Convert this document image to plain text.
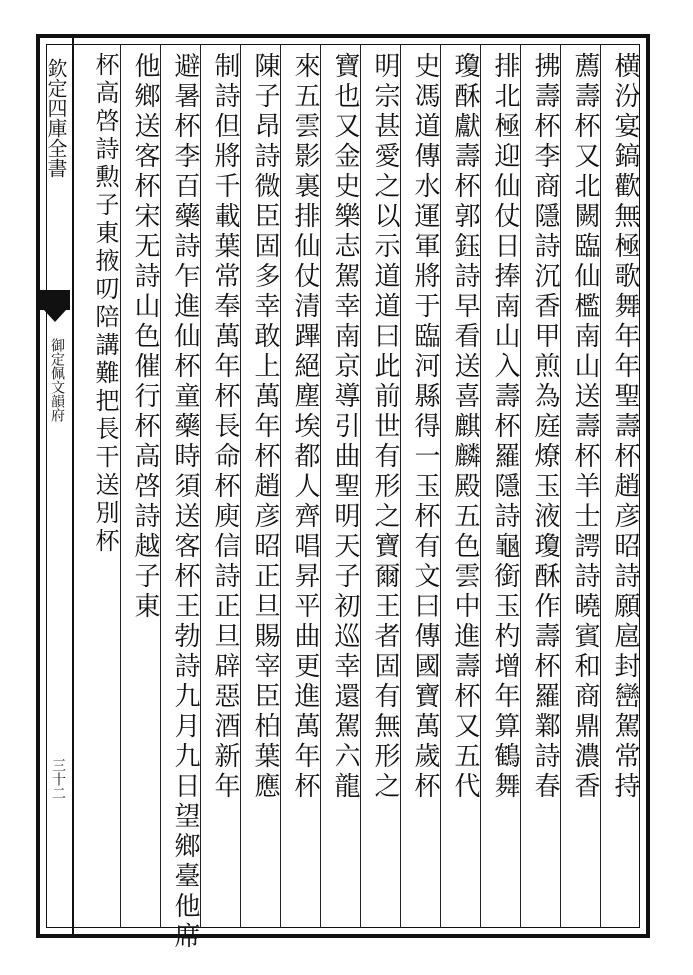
欽定四庫全書
御定佩文韻府
三十二	横汾宴鎬歡無極歌舞年年聖壽杯趙彦昭詩願扈封巒駕常持
薦壽杯又北闕臨仙檻南山送壽杯羊士諤詩曉賓和商鼎濃香
拂壽杯李商隱詩沉香甲煎為庭燎玉液瓊酥作壽杯羅鄴詩春
排北極迎仙仗日捧南山入壽杯羅隱詩龜銜玉杓增年算鶴舞
瓊酥獻壽杯郭鈺詩早看送喜麒麟殿五色雲中進壽杯又五代
史馮道傳水運軍將于臨河縣得一玉杯有文曰傳國寶萬歲杯
明宗甚愛之以示道道曰此前世有形之寶爾王者固有無形之
寶也又金史樂志駕幸南京導引曲聖明天子初巡幸還駕六龍
來五雲影裏排仙仗清蹕絕塵埃都人齊唱昇平曲更進萬年杯
陳子昂詩微臣固多幸敢上萬年杯趙彦昭正旦賜宰臣柏葉應
制詩但將千載葉常奉萬年杯長命杯庾信詩正旦辟惡酒新年
避暑杯李百藥詩乍進仙杯童藥時須送客杯王勃詩九月九日望鄉臺他席
他鄉送客杯宋无詩山色催行杯高啓詩越子東
杯高啓詩勲子東掖叨陪講難把長干送別杯
